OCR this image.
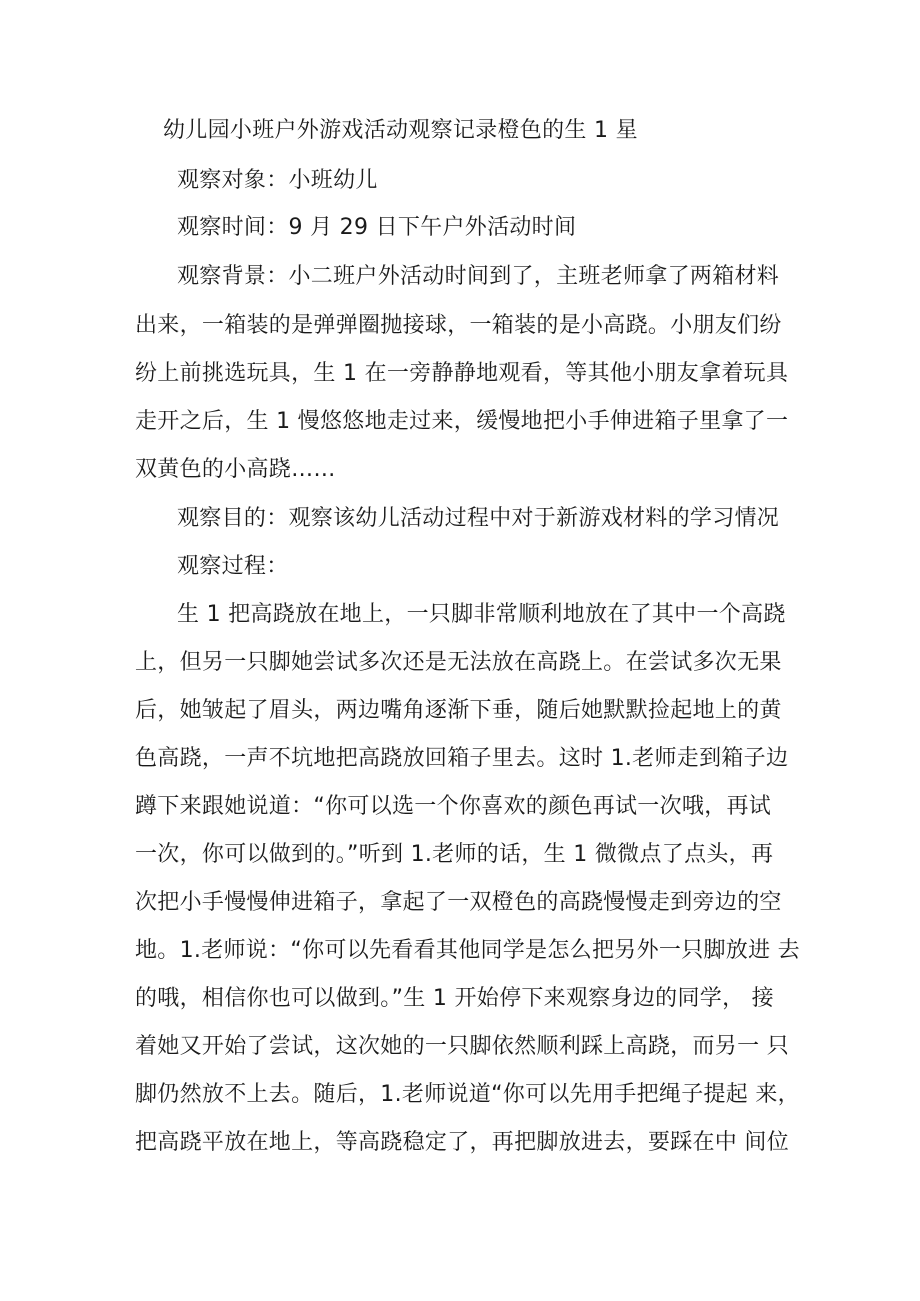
幼儿园小班户外游戏活动观察记录橙色的生 1 星
观察对象：小班幼儿
观察时间：9 月 29 日下午户外活动时间
观察背景：小二班户外活动时间到了，主班老师拿了两箱材料
出来，一箱装的是弹弹圈抛接球，一箱装的是小高跷。小朋友们纷
纷上前挑选玩具，生 1 在一旁静静地观看，等其他小朋友拿着玩具
走开之后，生 1 慢悠悠地走过来，缓慢地把小手伸进箱子里拿了一
双黄色的小高跷……
观察目的：观察该幼儿活动过程中对于新游戏材料的学习情况
观察过程：
生 1 把高跷放在地上，一只脚非常顺利地放在了其中一个高跷
上，但另一只脚她尝试多次还是无法放在高跷上。在尝试多次无果
后，她皱起了眉头，两边嘴角逐渐下垂，随后她默默捡起地上的黄
色高跷，一声不坑地把高跷放回箱子里去。这时 1.老师走到箱子边
蹲下来跟她说道：“你可以选一个你喜欢的颜色再试一次哦，再试
一次，你可以做到的。”听到 1.老师的话，生 1 微微点了点头，再
次把小手慢慢伸进箱子，拿起了一双橙色的高跷慢慢走到旁边的空
地。1.老师说：“你可以先看看其他同学是怎么把另外一只脚放进 去
的哦，相信你也可以做到。”生 1 开始停下来观察身边的同学， 接
着她又开始了尝试，这次她的一只脚依然顺利踩上高跷，而另一 只
脚仍然放不上去。随后，1.老师说道“你可以先用手把绳子提起 来，
把高跷平放在地上，等高跷稳定了，再把脚放进去，要踩在中 间位
